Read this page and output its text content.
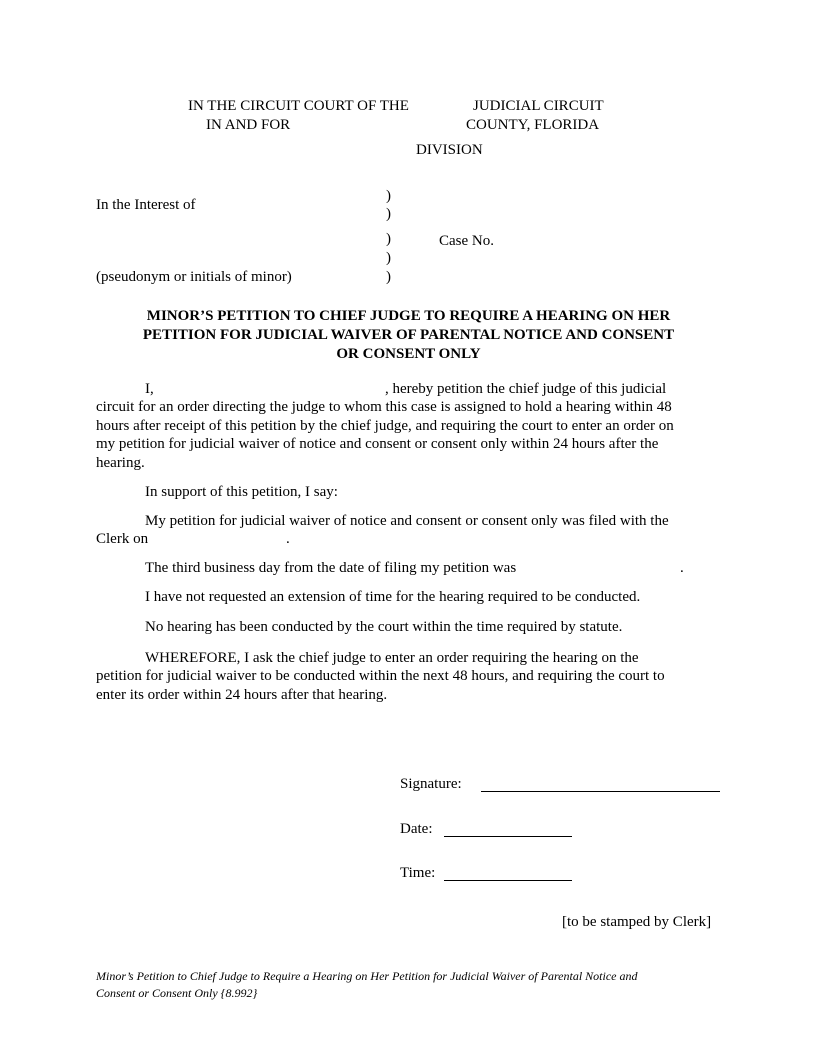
IN THE CIRCUIT COURT OF THE	JUDICIAL CIRCUIT
IN AND FOR	COUNTY, FLORIDA
DIVISION
In the Interest of
(pseudonym or initials of minor)
)
)
)
)
)
Case No.
MINOR’S PETITION TO CHIEF JUDGE TO REQUIRE A HEARING ON HER
PETITION FOR JUDICIAL WAIVER OF PARENTAL NOTICE AND CONSENT
OR CONSENT ONLY
I,	, hereby petition the chief judge of this judicial
circuit for an order directing the judge to whom this case is assigned to hold a hearing within 48
hours after receipt of this petition by the chief judge, and requiring the court to enter an order on
my petition for judicial waiver of notice and consent or consent only within 24 hours after the
hearing.
In support of this petition, I say:
My petition for judicial waiver of notice and consent or consent only was filed with the
Clerk on	.
The third business day from the date of filing my petition was	.
I have not requested an extension of time for the hearing required to be conducted.
No hearing has been conducted by the court within the time required by statute.
WHEREFORE, I ask the chief judge to enter an order requiring the hearing on the
petition for judicial waiver to be conducted within the next 48 hours, and requiring the court to
enter its order within 24 hours after that hearing.
Signature:
Date:
Time:
[to be stamped by Clerk]
Minor’s Petition to Chief Judge to Require a Hearing on Her Petition for Judicial Waiver of Parental Notice and
Consent or Consent Only {8.992}
